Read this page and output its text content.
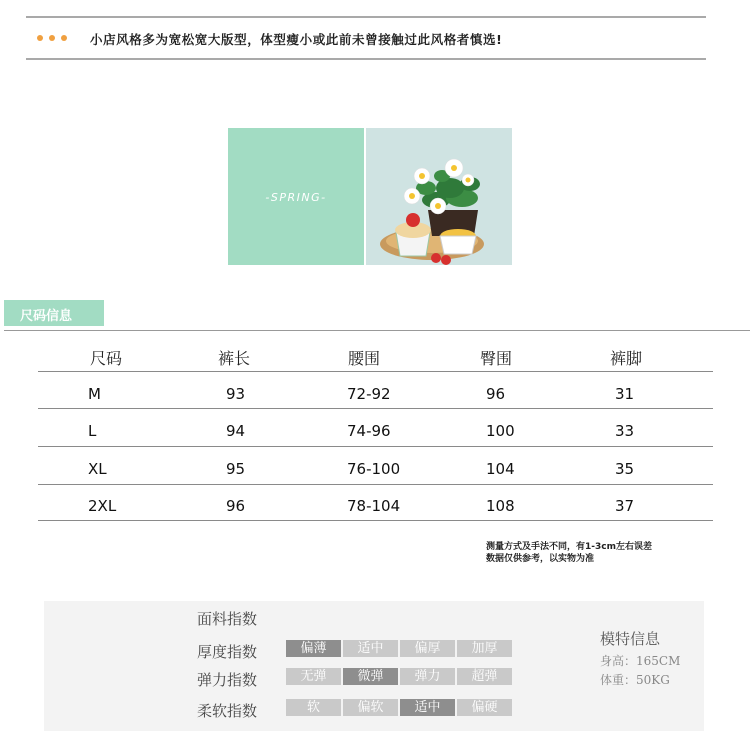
小店风格多为宽松宽大版型，体型瘦小或此前未曾接触过此风格者慎选!
-SPRING-
尺码信息
尺码	裤长	腰围	臀围	裤脚
M	93	72-92	96	31
L	94	74-96	100	33
XL	95	76-100	104	35
2XL	96	78-104	108	37
测量方式及手法不同，有1-3cm左右误差
数据仅供参考，以实物为准
面料指数
厚度指数	偏薄	适中	偏厚	加厚
弹力指数	无弹	微弹	弹力	超弹
柔软指数	软	偏软	适中	偏硬
模特信息
身高：165CM
体重：50KG
